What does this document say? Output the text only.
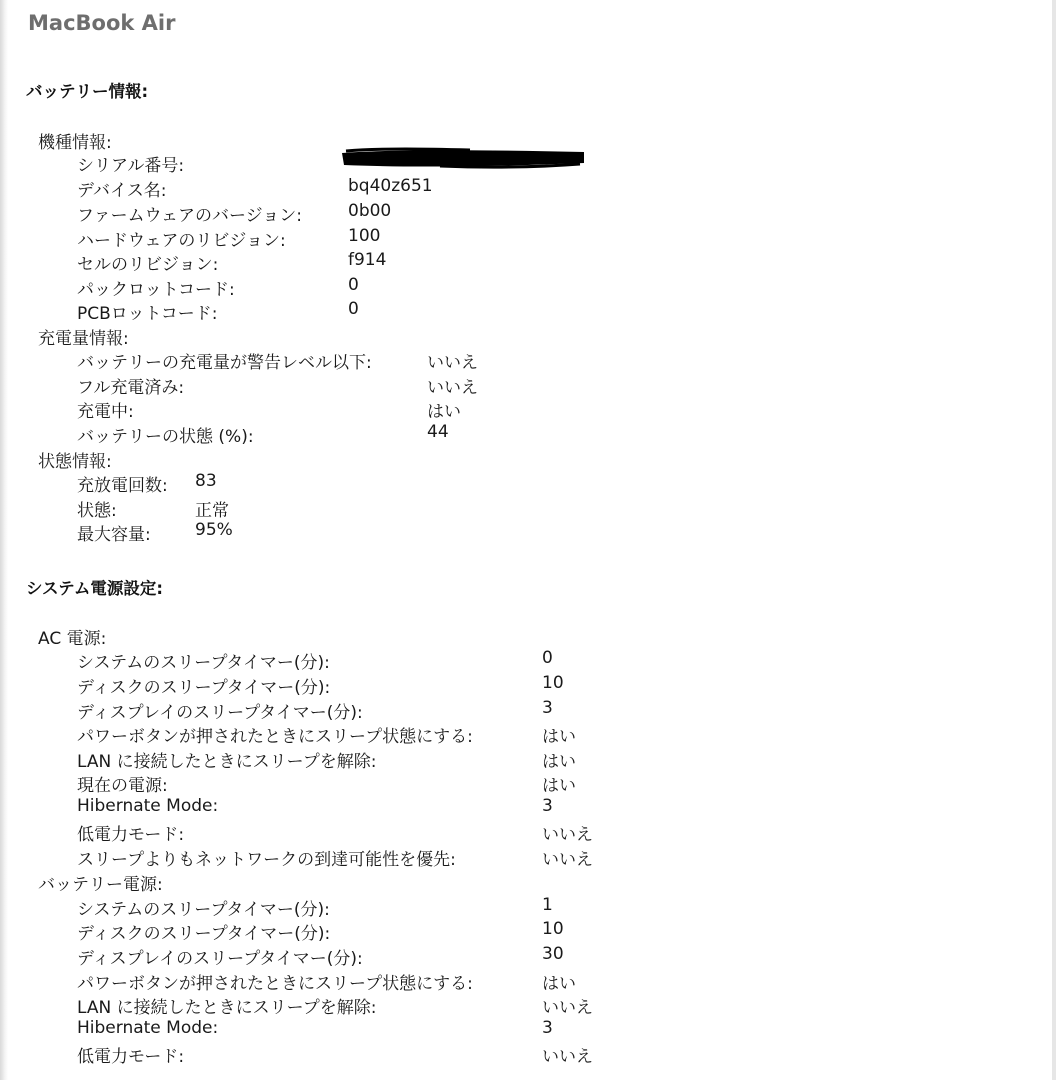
MacBook Air
バッテリー情報:
機種情報:
シリアル番号:
デバイス名:	bq40z651
ファームウェアのバージョン:	0b00
ハードウェアのリビジョン:	100
セルのリビジョン:	f914
パックロットコード:	0
PCBロットコード:	0
充電量情報:
バッテリーの充電量が警告レベル以下:	いいえ
フル充電済み:	いいえ
充電中:	はい
バッテリーの状態 (%):	44
状態情報:
充放電回数: 83
状態:	正常
最大容量:	95%
システム電源設定:
AC 電源:
システムのスリープタイマー(分):	0
ディスクのスリープタイマー(分):	10
ディスプレイのスリープタイマー(分):	3
パワーボタンが押されたときにスリープ状態にする:	はい
LAN に接続したときにスリープを解除:	はい
現在の電源:	はい
Hibernate Mode:	3
低電力モード:	いいえ
スリープよりもネットワークの到達可能性を優先:	いいえ
バッテリー電源:
システムのスリープタイマー(分):	1
ディスクのスリープタイマー(分):	10
ディスプレイのスリープタイマー(分):	30
パワーボタンが押されたときにスリープ状態にする:	はい
LAN に接続したときにスリープを解除:	いいえ
Hibernate Mode:	3
低電力モード:	いいえ
